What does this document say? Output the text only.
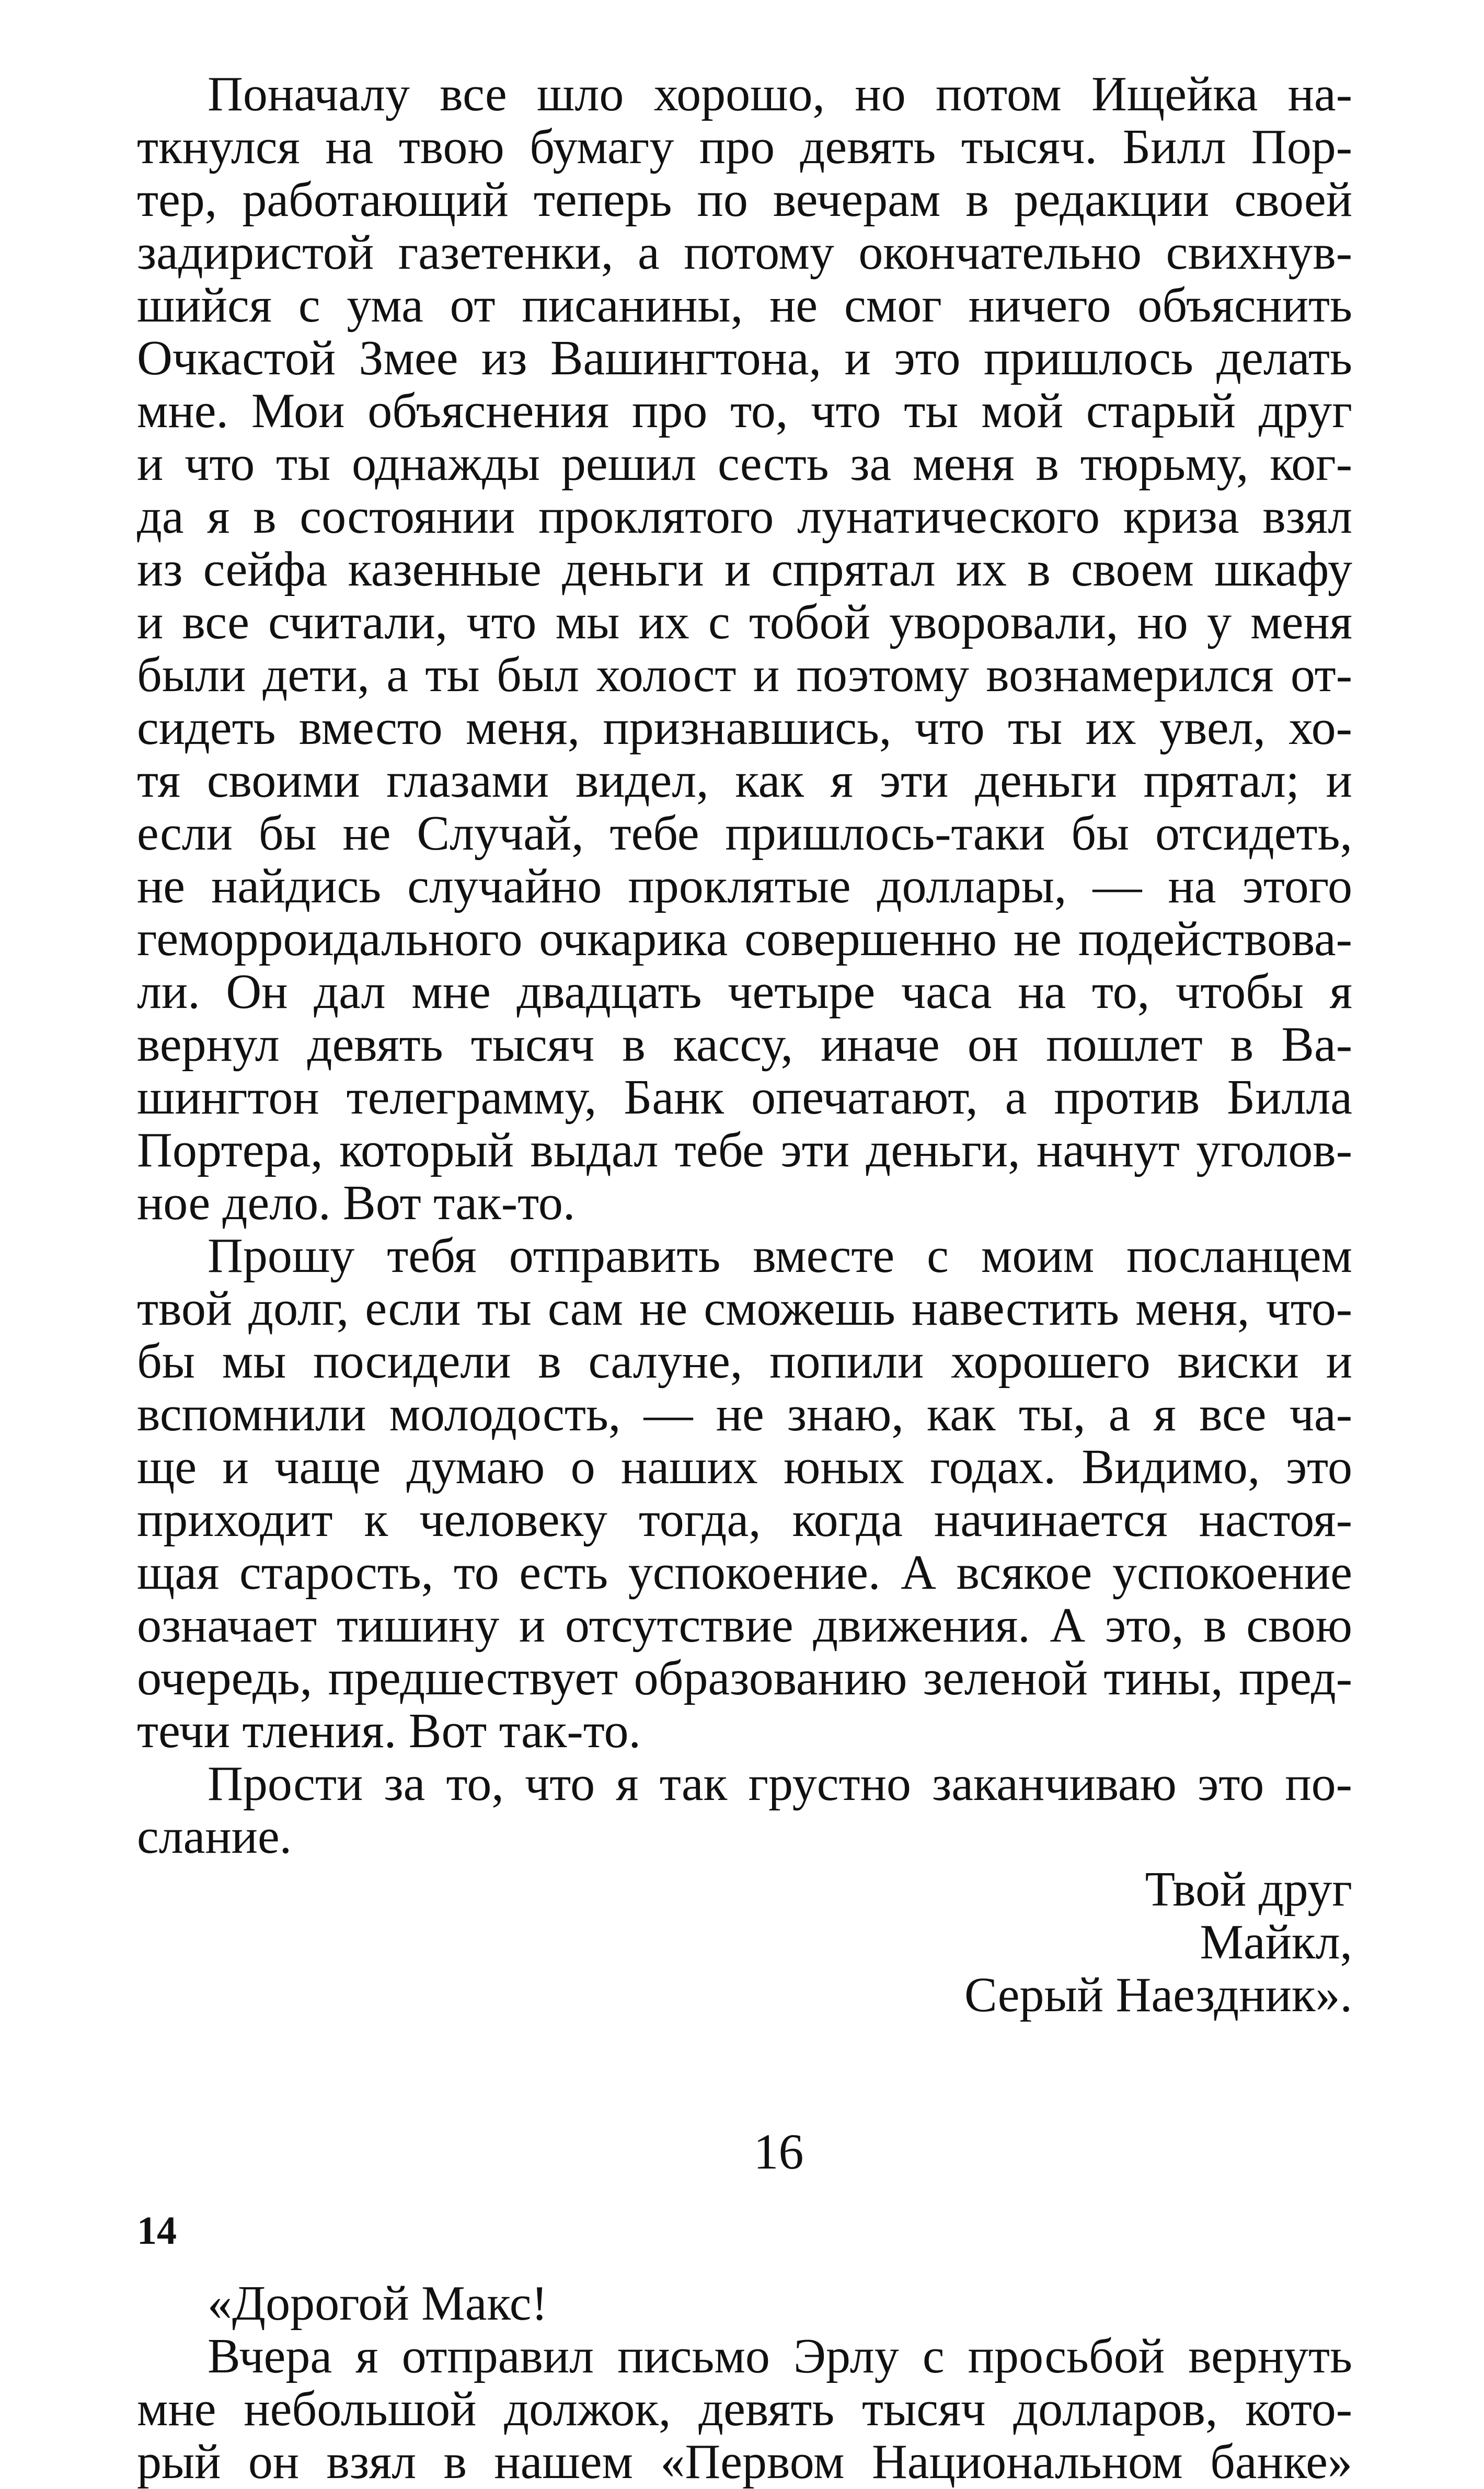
Поначалу все шло хорошо, но потом Ищейка на-
ткнулся на твою бумагу про девять тысяч. Билл Пор-
тер, работающий теперь по вечерам в редакции своей
задиристой газетенки, а потому окончательно свихнув-
шийся с ума от писанины, не смог ничего объяснить
Очкастой Змее из Вашингтона, и это пришлось делать
мне. Мои объяснения про то, что ты мой старый друг
и что ты однажды решил сесть за меня в тюрьму, ког-
да я в состоянии проклятого лунатического криза взял
из сейфа казенные деньги и спрятал их в своем шкафу
и все считали, что мы их с тобой уворовали, но у меня
были дети, а ты был холост и поэтому вознамерился от-
сидеть вместо меня, признавшись, что ты их увел, хо-
тя своими глазами видел, как я эти деньги прятал; и
если бы не Случай, тебе пришлось-таки бы отсидеть,
не найдись случайно проклятые доллары, — на этого
геморроидального очкарика совершенно не подействова-
ли. Он дал мне двадцать четыре часа на то, чтобы я
вернул девять тысяч в кассу, иначе он пошлет в Ва-
шингтон телеграмму, Банк опечатают, а против Билла
Портера, который выдал тебе эти деньги, начнут уголов-
ное дело. Вот так-то.
Прошу тебя отправить вместе с моим посланцем
твой долг, если ты сам не сможешь навестить меня, что-
бы мы посидели в салуне, попили хорошего виски и
вспомнили молодость, — не знаю, как ты, а я все ча-
ще и чаще думаю о наших юных годах. Видимо, это
приходит к человеку тогда, когда начинается настоя-
щая старость, то есть успокоение. А всякое успокоение
означает тишину и отсутствие движения. А это, в свою
очередь, предшествует образованию зеленой тины, пред-
течи тления. Вот так-то.
Прости за то, что я так грустно заканчиваю это по-
слание.
Твой друг
Майкл,
Серый Наездник».
16
«Дорогой Макс!
Вчера я отправил письмо Эрлу с просьбой вернуть
мне небольшой должок, девять тысяч долларов, кото-
рый он взял в нашем «Первом Национальном банке»
14
